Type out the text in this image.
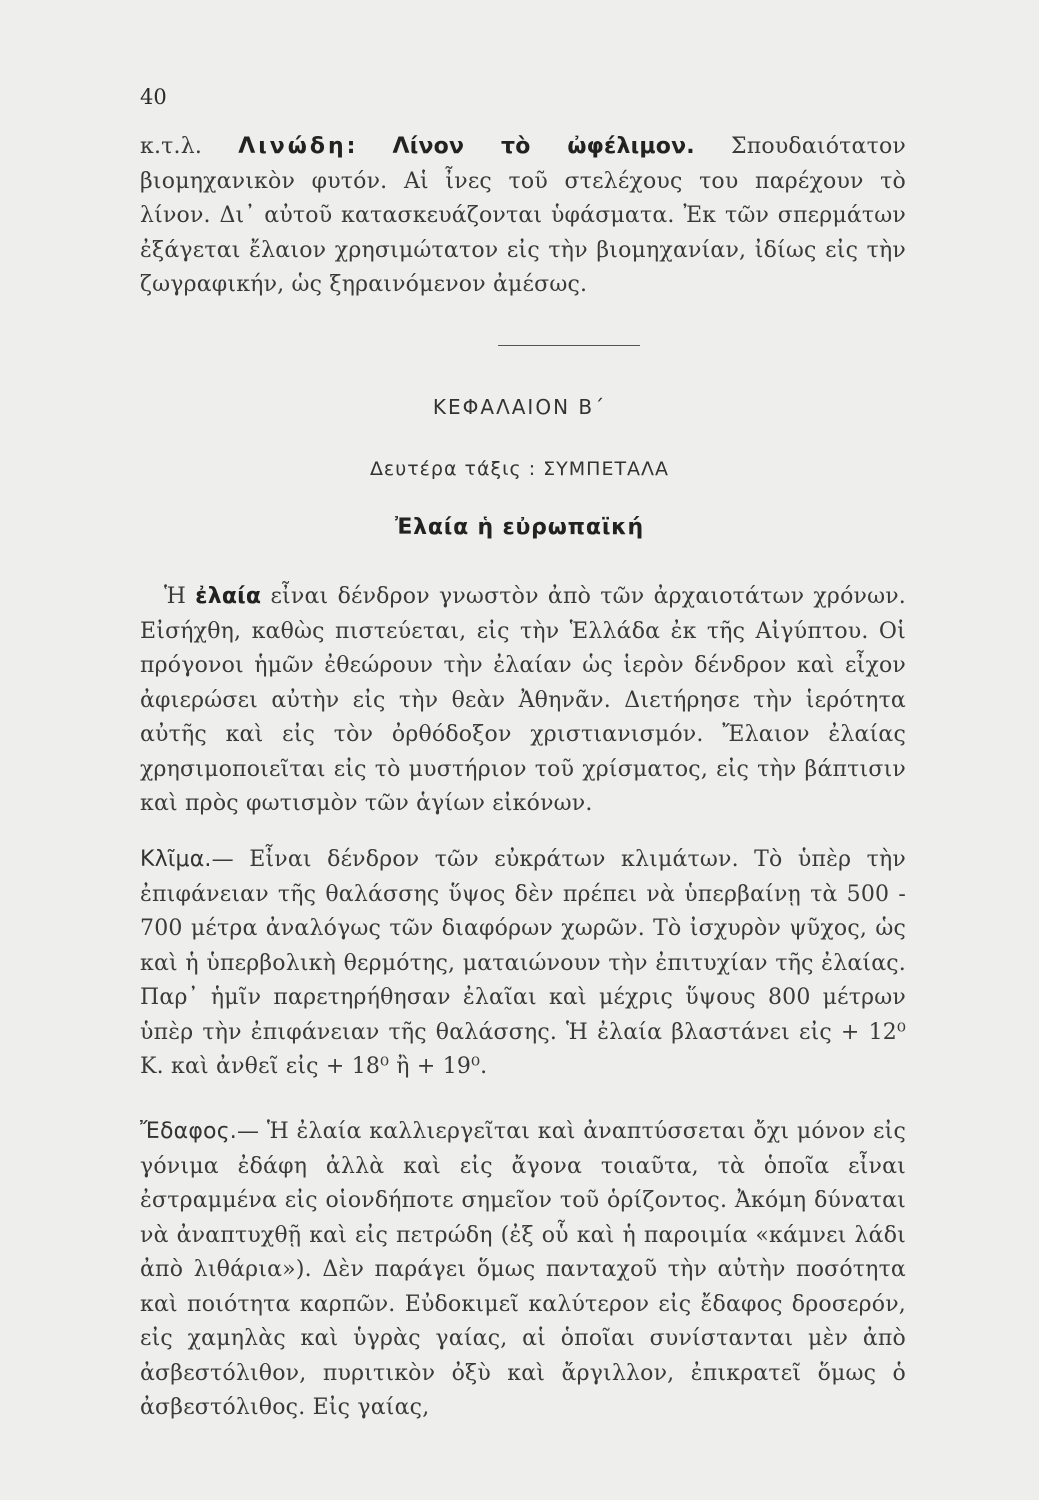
40
κ.τ.λ. Λινώδη: Λίνον τὸ ὠφέλιμον. Σπουδαιότατον βιομηχανικὸν φυτόν. Αἱ ἶνες τοῦ στελέχους του παρέχουν τὸ λίνον. Δι᾽ αὐτοῦ κατασκευάζονται ὑφάσματα. Ἐκ τῶν σπερμάτων ἐξάγεται ἔλαιον χρησιμώτατον εἰς τὴν βιομηχανίαν, ἰδίως εἰς τὴν ζωγραφικήν, ὡς ξηραινόμενον ἀμέσως.
ΚΕΦΑΛΑΙΟΝ Β΄
Δευτέρα τάξις : ΣΥΜΠΕΤΑΛΑ
Ἐλαία ἡ εὐρωπαϊκή
Ἡ ἐλαία εἶναι δένδρον γνωστὸν ἀπὸ τῶν ἀρχαιοτάτων χρόνων. Εἰσήχθη, καθὼς πιστεύεται, εἰς τὴν Ἑλλάδα ἐκ τῆς Αἰγύπτου. Οἱ πρόγονοι ἡμῶν ἐθεώρουν τὴν ἐλαίαν ὡς ἱερὸν δένδρον καὶ εἶχον ἀφιερώσει αὐτὴν εἰς τὴν θεὰν Ἀθηνᾶν. Διετήρησε τὴν ἱερότητα αὐτῆς καὶ εἰς τὸν ὀρθόδοξον χριστιανισμόν. Ἔλαιον ἐλαίας χρησιμοποιεῖται εἰς τὸ μυστήριον τοῦ χρίσματος, εἰς τὴν βάπτισιν καὶ πρὸς φωτισμὸν τῶν ἁγίων εἰκόνων.
Κλῖμα.— Εἶναι δένδρον τῶν εὐκράτων κλιμάτων. Τὸ ὑπὲρ τὴν ἐπιφάνειαν τῆς θαλάσσης ὕψος δὲν πρέπει νὰ ὑπερβαίνῃ τὰ 500 - 700 μέτρα ἀναλόγως τῶν διαφόρων χωρῶν. Τὸ ἰσχυρὸν ψῦχος, ὡς καὶ ἡ ὑπερβολικὴ θερμότης, ματαιώνουν τὴν ἐπιτυχίαν τῆς ἐλαίας. Παρ᾽ ἡμῖν παρετηρήθησαν ἐλαῖαι καὶ μέχρις ὕψους 800 μέτρων ὑπὲρ τὴν ἐπιφάνειαν τῆς θαλάσσης. Ἡ ἐλαία βλαστάνει εἰς + 12⁰ Κ. καὶ ἀνθεῖ εἰς + 18⁰ ἢ + 19⁰.
Ἔδαφος.— Ἡ ἐλαία καλλιεργεῖται καὶ ἀναπτύσσεται ὄχι μόνον εἰς γόνιμα ἐδάφη ἀλλὰ καὶ εἰς ἄγονα τοιαῦτα, τὰ ὁποῖα εἶναι ἐστραμμένα εἰς οἱονδήποτε σημεῖον τοῦ ὁρίζοντος. Ἀκόμη δύναται νὰ ἀναπτυχθῇ καὶ εἰς πετρώδη (ἐξ οὗ καὶ ἡ παροιμία «κάμνει λάδι ἀπὸ λιθάρια»). Δὲν παράγει ὅμως πανταχοῦ τὴν αὐτὴν ποσότητα καὶ ποιότητα καρπῶν. Εὐδοκιμεῖ καλύτερον εἰς ἔδαφος δροσερόν, εἰς χαμηλὰς καὶ ὑγρὰς γαίας, αἱ ὁποῖαι συνίστανται μὲν ἀπὸ ἀσβεστόλιθον, πυριτικὸν ὀξὺ καὶ ἄργιλλον, ἐπικρατεῖ ὅμως ὁ ἀσβεστόλιθος. Εἰς γαίας,
